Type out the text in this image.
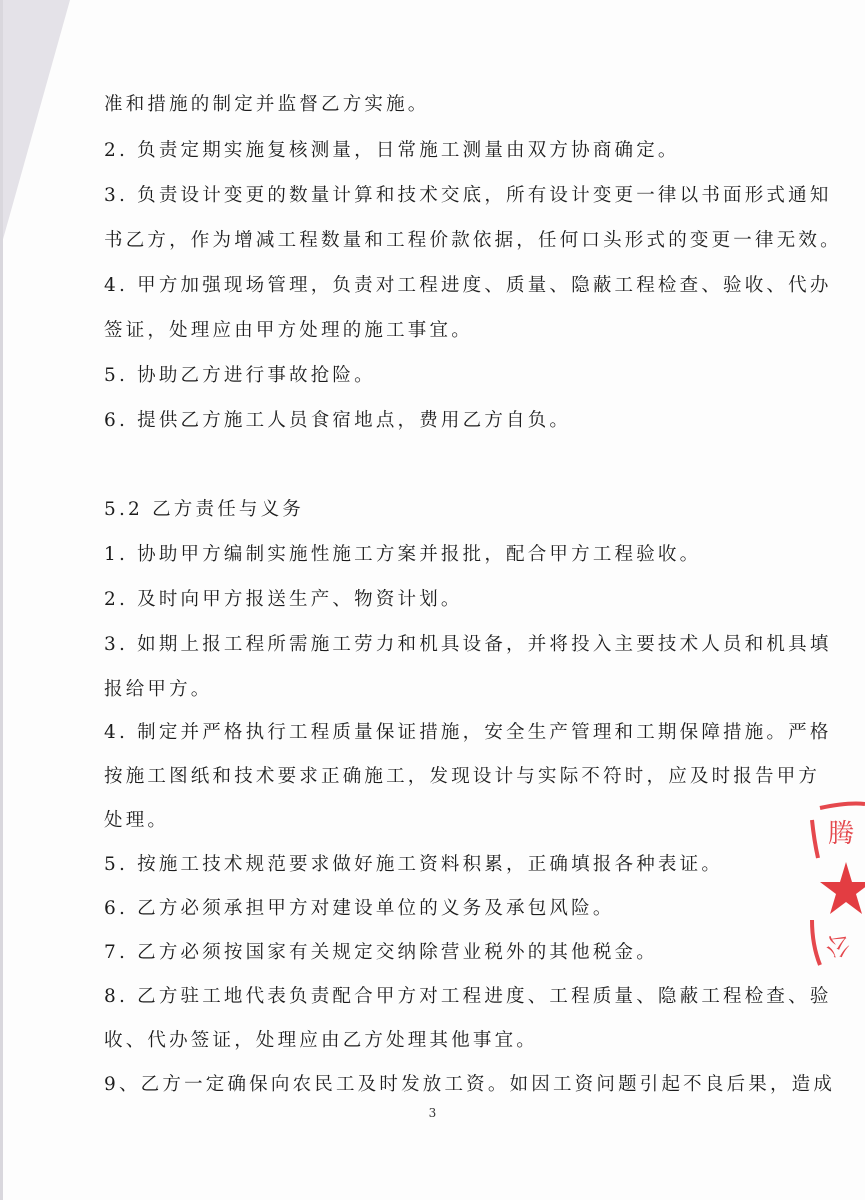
准和措施的制定并监督乙方实施。
2. 负责定期实施复核测量，日常施工测量由双方协商确定。
3. 负责设计变更的数量计算和技术交底，所有设计变更一律以书面形式通知
书乙方，作为增减工程数量和工程价款依据，任何口头形式的变更一律无效。
4. 甲方加强现场管理，负责对工程进度、质量、隐蔽工程检查、验收、代办
签证，处理应由甲方处理的施工事宜。
5. 协助乙方进行事故抢险。
6. 提供乙方施工人员食宿地点，费用乙方自负。
5.2 乙方责任与义务
1. 协助甲方编制实施性施工方案并报批，配合甲方工程验收。
2. 及时向甲方报送生产、物资计划。
3. 如期上报工程所需施工劳力和机具设备，并将投入主要技术人员和机具填
报给甲方。
4. 制定并严格执行工程质量保证措施，安全生产管理和工期保障措施。严格
按施工图纸和技术要求正确施工，发现设计与实际不符时，应及时报告甲方
处理。
5. 按施工技术规范要求做好施工资料积累，正确填报各种表证。
6. 乙方必须承担甲方对建设单位的义务及承包风险。
7. 乙方必须按国家有关规定交纳除营业税外的其他税金。
8. 乙方驻工地代表负责配合甲方对工程进度、工程质量、隐蔽工程检查、验
收、代办签证，处理应由乙方处理其他事宜。
9、乙方一定确保向农民工及时发放工资。如因工资问题引起不良后果，造成
3
腾
公
